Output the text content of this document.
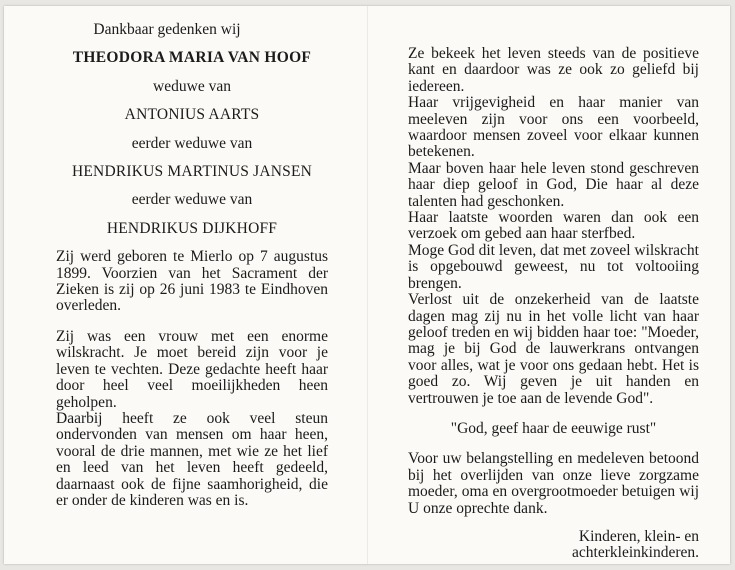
Dankbaar gedenken wij

THEODORA MARIA VAN HOOF

weduwe van

ANTONIUS AARTS

eerder weduwe van

HENDRIKUS MARTINUS JANSEN

eerder weduwe van

HENDRIKUS DIJKHOFF

Zij werd geboren te Mierlo op 7 augustus 1899. Voorzien van het Sacrament der Zieken is zij op 26 juni 1983 te Eindhoven overleden.

Zij was een vrouw met een enorme wilskracht. Je moet bereid zijn voor je leven te vechten. Deze gedachte heeft haar door heel veel moeilijkheden heen geholpen.

Daarbij heeft ze ook veel steun ondervonden van mensen om haar heen, vooral de drie mannen, met wie ze het lief en leed van het leven heeft gedeeld, daarnaast ook de fijne saamhorigheid, die er onder de kinderen was en is.

Ze bekeek het leven steeds van de positieve kant en daardoor was ze ook zo geliefd bij iedereen.

Haar vrijgevigheid en haar manier van meeleven zijn voor ons een voorbeeld, waardoor mensen zoveel voor elkaar kunnen betekenen.

Maar boven haar hele leven stond geschreven haar diep geloof in God, Die haar al deze talenten had geschonken.

Haar laatste woorden waren dan ook een verzoek om gebed aan haar sterfbed.

Moge God dit leven, dat met zoveel wilskracht is opgebouwd geweest, nu tot voltooiing brengen.

Verlost uit de onzekerheid van de laatste dagen mag zij nu in het volle licht van haar geloof treden en wij bidden haar toe: "Moeder, mag je bij God de lauwerkrans ontvangen voor alles, wat je voor ons gedaan hebt. Het is goed zo. Wij geven je uit handen en vertrouwen je toe aan de levende God".

"God, geef haar de eeuwige rust"

Voor uw belangstelling en medeleven betoond bij het overlijden van onze lieve zorgzame moeder, oma en overgrootmoeder betuigen wij U onze oprechte dank.

Kinderen, klein- en

achterkleinkinderen.
